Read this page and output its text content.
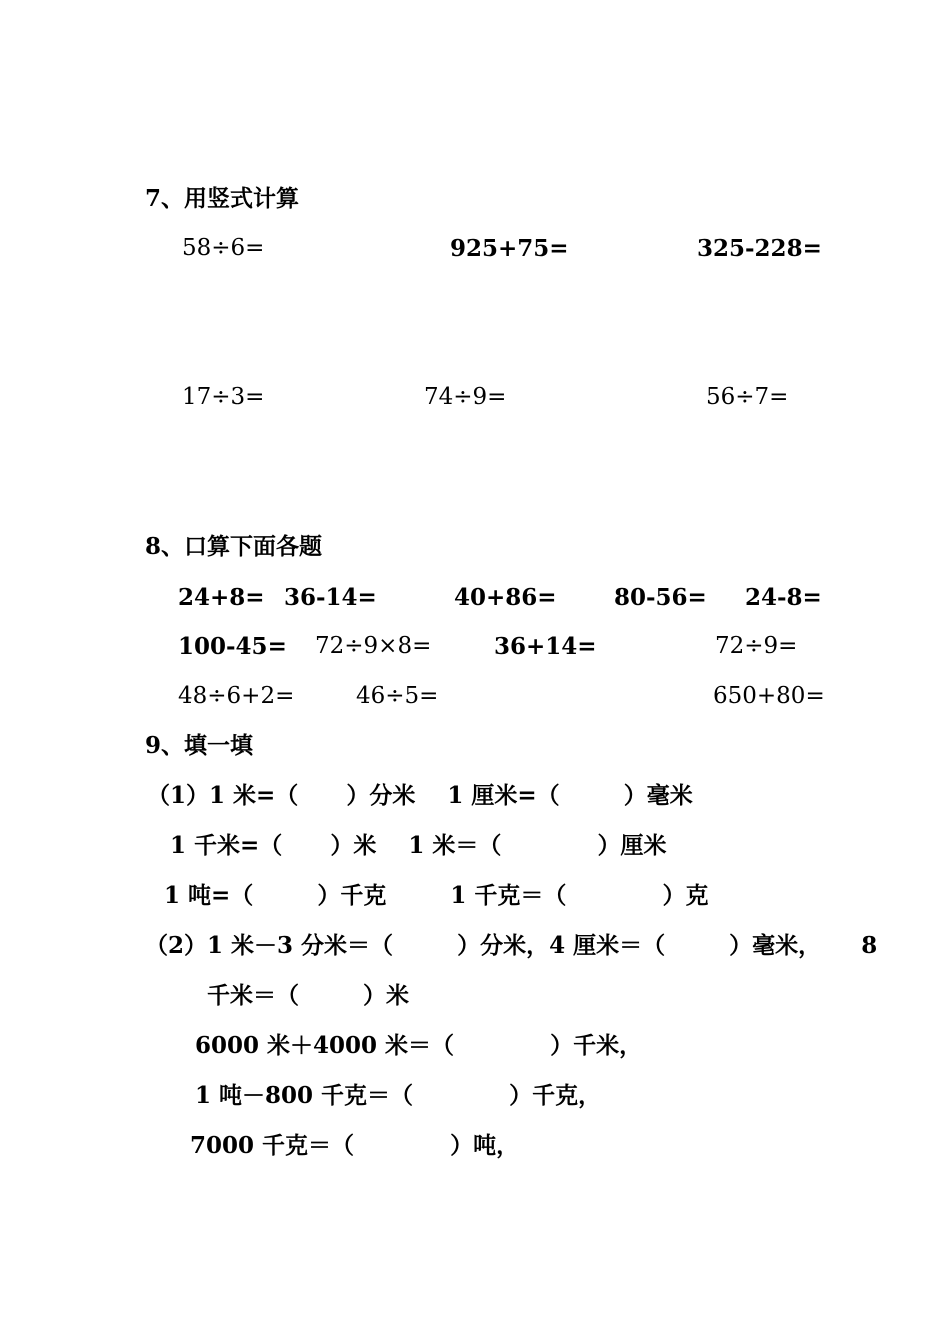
7、用竖式计算
58÷6=	925+75=	325-228=
17÷3=	74÷9=	56÷7=
8、口算下面各题
24+8= 36-14=	40+86= 80-56= 24-8=
100-45= 72÷9×8=	36+14=	72÷9=
48÷6+2=	46÷5=	650+80=
9、填一填
（1）1 米=（      ）分米    1 厘米=（        ）毫米
1 千米=（      ）米    1 米＝（            ）厘米
1 吨=（        ）千克        1 千克＝（            ）克
（2）1 米－3 分米＝（        ）分米，4 厘米＝（        ）毫米，     8
千米＝（        ）米
6000 米＋4000 米＝（            ）千米，
1 吨－800 千克＝（            ）千克，
7000 千克＝（            ）吨，
